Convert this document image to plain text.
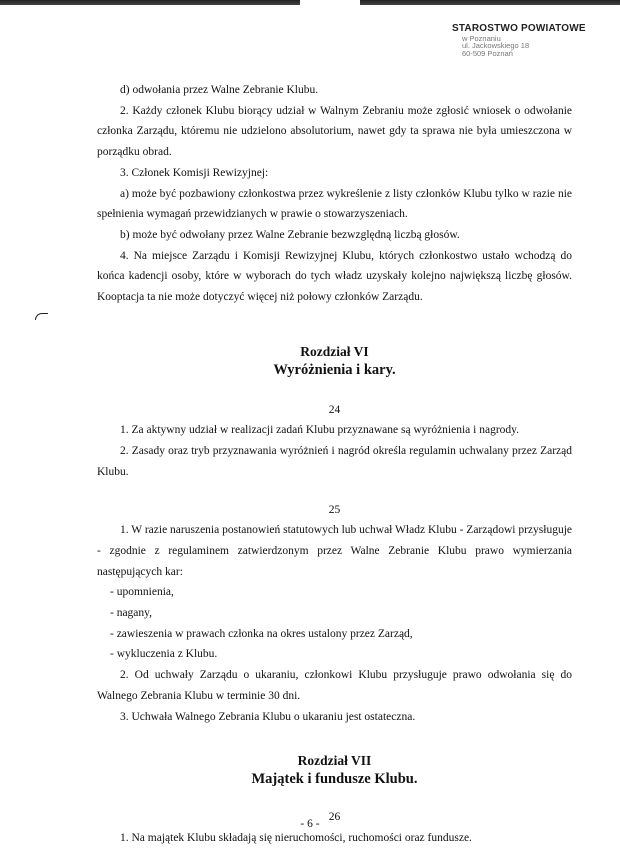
STAROSTWO POWIATOWE
w Poznaniu
ul. Jackowskiego 18
60-509 Poznań

d) odwołania przez Walne Zebranie Klubu.

2. Każdy członek Klubu biorący udział w Walnym Zebraniu może zgłosić wniosek o odwołanie członka Zarządu, któremu nie udzielono absolutorium, nawet gdy ta sprawa nie była umieszczona w porządku obrad.

3. Członek Komisji Rewizyjnej:

a) może być pozbawiony członkostwa przez wykreślenie z listy członków Klubu tylko w razie nie spełnienia wymagań przewidzianych w prawie o stowarzyszeniach.

b) może być odwołany przez Walne Zebranie bezwzględną liczbą głosów.

4. Na miejsce Zarządu i Komisji Rewizyjnej Klubu, których członkostwo ustało wchodzą do końca kadencji osoby, które w wyborach do tych władz uzyskały kolejno największą liczbę głosów. Kooptacja ta nie może dotyczyć więcej niż połowy członków Zarządu.

Rozdział VI

Wyróżnienia i kary.

24

1. Za aktywny udział w realizacji zadań Klubu przyznawane są wyróżnienia i nagrody.

2. Zasady oraz tryb przyznawania wyróżnień i nagród określa regulamin uchwalany przez Zarząd Klubu.

25

1. W razie naruszenia postanowień statutowych lub uchwał Władz Klubu - Zarządowi przysługuje - zgodnie z regulaminem zatwierdzonym przez Walne Zebranie Klubu prawo wymierzania następujących kar:

- upomnienia,

- nagany,

- zawieszenia w prawach członka na okres ustalony przez Zarząd,

- wykluczenia z Klubu.

2. Od uchwały Zarządu o ukaraniu, członkowi Klubu przysługuje prawo odwołania się do Walnego Zebrania Klubu w terminie 30 dni.

3. Uchwała Walnego Zebrania Klubu o ukaraniu jest ostateczna.

Rozdział VII

Majątek i fundusze Klubu.

26

1. Na majątek Klubu składają się nieruchomości, ruchomości oraz fundusze.

- 6 -
